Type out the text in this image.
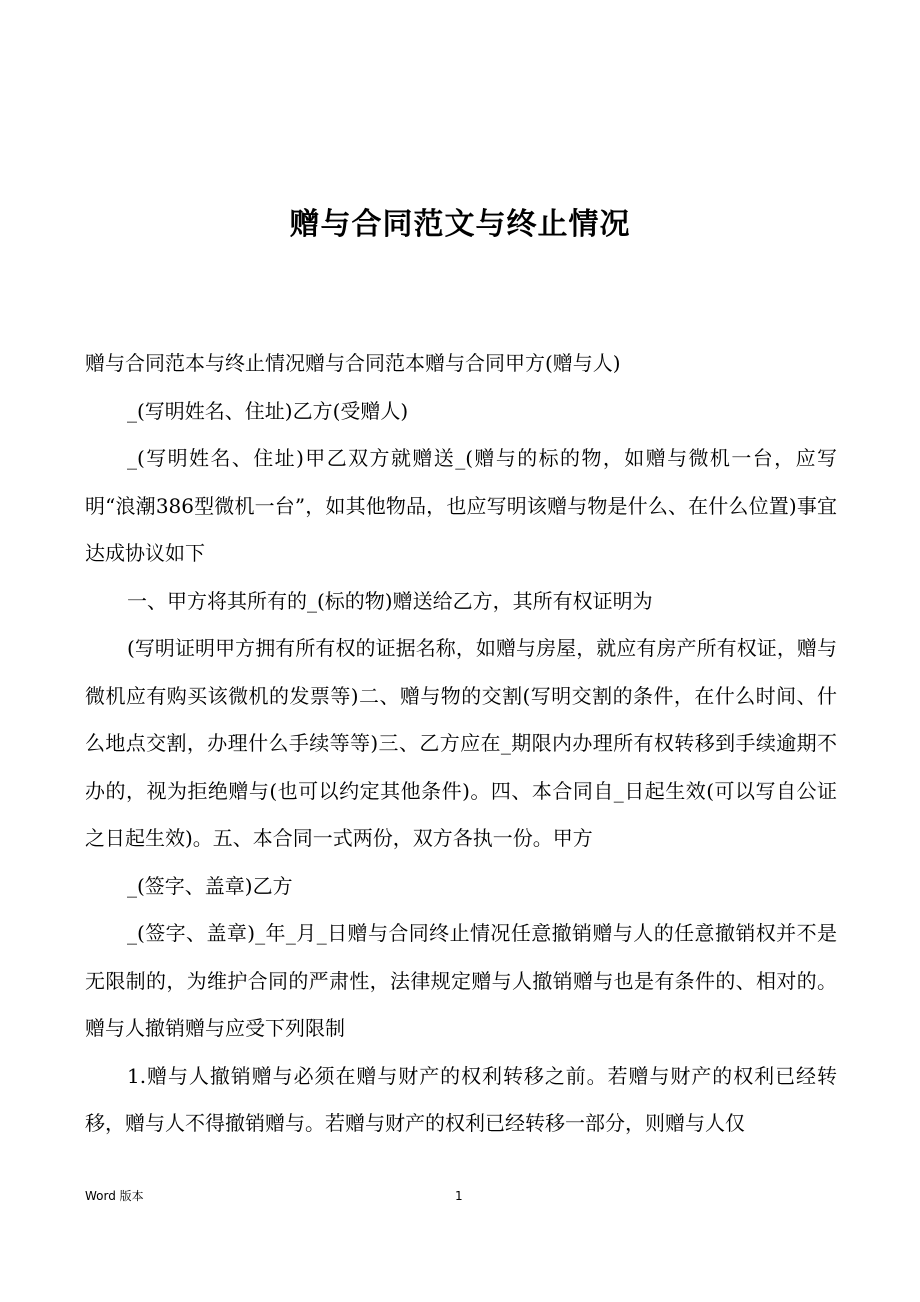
赠与合同范文与终止情况

赠与合同范本与终止情况赠与合同范本赠与合同甲方(赠与人)

_(写明姓名、住址)乙方(受赠人)

_(写明姓名、住址)甲乙双方就赠送_(赠与的标的物，如赠与微机一台，应写明“浪潮386型微机一台”，如其他物品，也应写明该赠与物是什么、在什么位置)事宜达成协议如下

一、甲方将其所有的_(标的物)赠送给乙方，其所有权证明为

(写明证明甲方拥有所有权的证据名称，如赠与房屋，就应有房产所有权证，赠与微机应有购买该微机的发票等)二、赠与物的交割(写明交割的条件，在什么时间、什么地点交割，办理什么手续等等)三、乙方应在_期限内办理所有权转移到手续逾期不办的，视为拒绝赠与(也可以约定其他条件)。四、本合同自_日起生效(可以写自公证之日起生效)。五、本合同一式两份，双方各执一份。甲方

_(签字、盖章)乙方

_(签字、盖章)_年_月_日赠与合同终止情况任意撤销赠与人的任意撤销权并不是无限制的，为维护合同的严肃性，法律规定赠与人撤销赠与也是有条件的、相对的。赠与人撤销赠与应受下列限制

1.赠与人撤销赠与必须在赠与财产的权利转移之前。若赠与财产的权利已经转移，赠与人不得撤销赠与。若赠与财产的权利已经转移一部分，则赠与人仅

Word 版本	1
